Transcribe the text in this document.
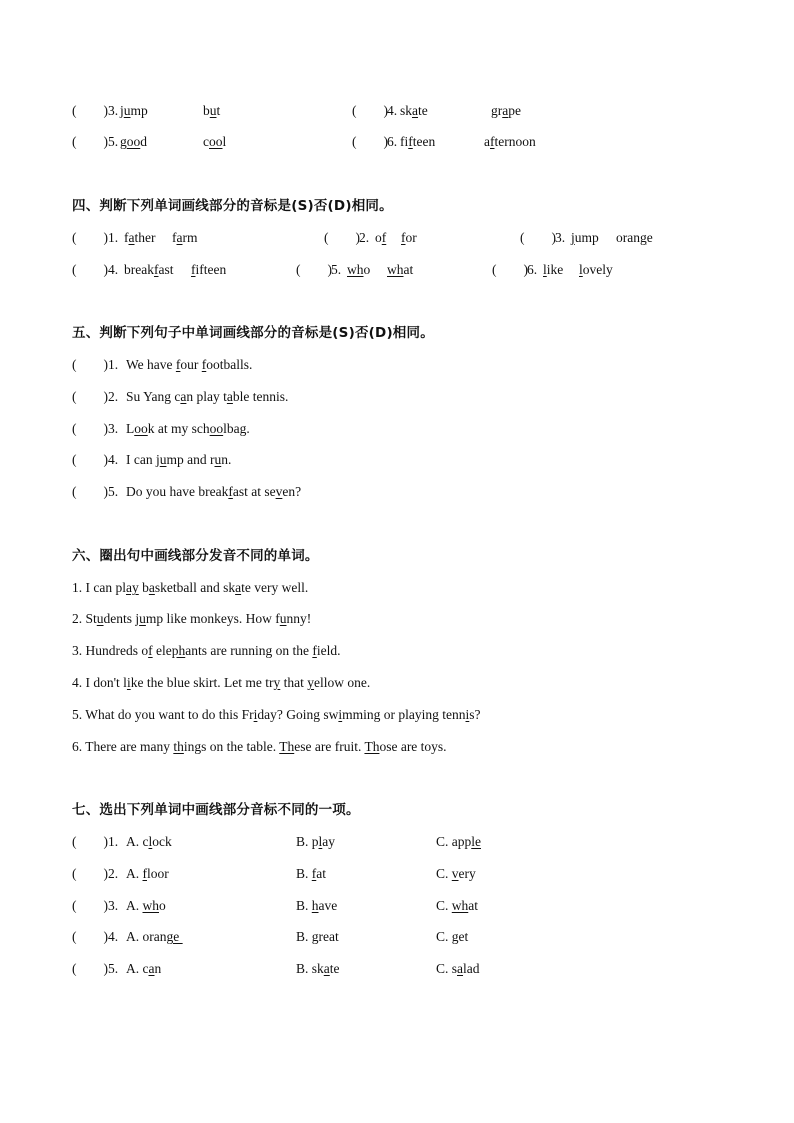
(        ) 3. jump	but	(        ) 4. skate	grape
(        ) 5. good	cool	(        ) 6. fifteen	afternoon
四、判断下列单词画线部分的音标是(S)否(D)相同。
(        ) 1. father farm	(        ) 2. of for	(        ) 3. jump orange
(        ) 4. breakfast fifteen	(        ) 5. who what	(        ) 6. like lovely
五、判断下列句子中单词画线部分的音标是(S)否(D)相同。
(        ) 1. We have four footballs.
(        ) 2. Su Yang can play table tennis.
(        ) 3. Look at my schoolbag.
(        ) 4. I can jump and run.
(        ) 5. Do you have breakfast at seven?
六、圈出句中画线部分发音不同的单词。
1. I can play basketball and skate very well.
2. Students jump like monkeys. How funny!
3. Hundreds of elephants are running on the field.
4. I don't like the blue skirt. Let me try that yellow one.
5. What do you want to do this Friday? Going swimming or playing tennis?
6. There are many things on the table. These are fruit. Those are toys.
七、选出下列单词中画线部分音标不同的一项。
(        ) 1. A. clock	B. play	C. apple
(        ) 2. A. floor	B. fat	C. very
(        ) 3. A. who	B. have	C. what
(        ) 4. A. orange	B. great	C. get
(        ) 5. A. can	B. skate	C. salad
